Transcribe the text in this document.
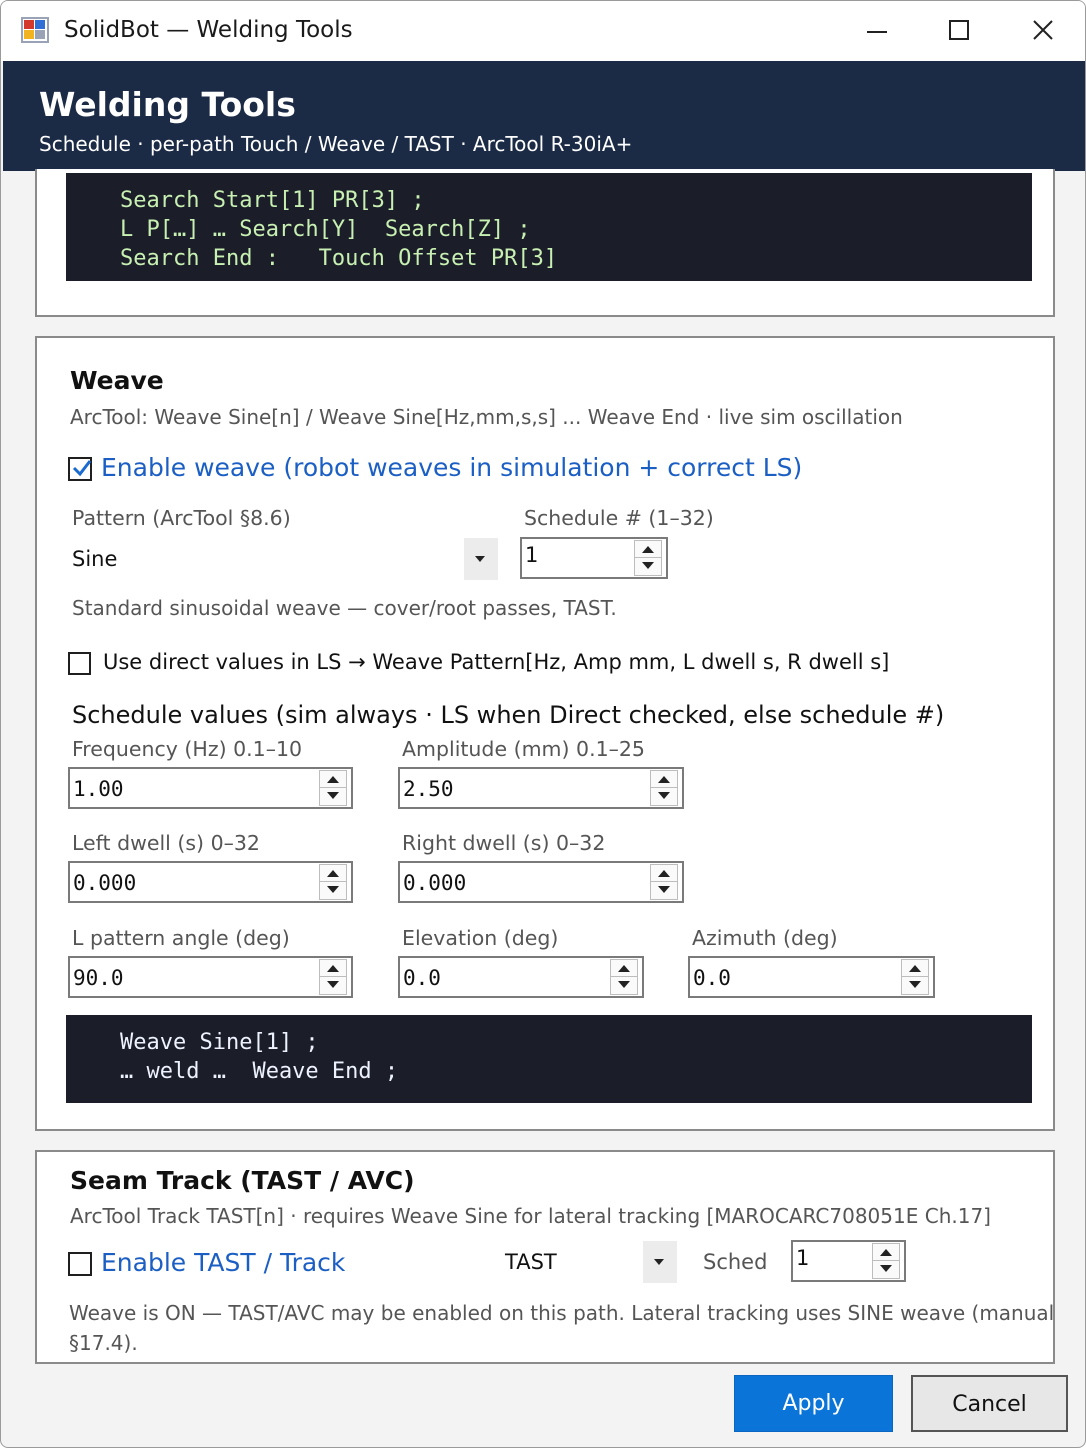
SolidBot — Welding Tools
Welding Tools
Schedule · per-path Touch / Weave / TAST · ArcTool R-30iA+
Search Start[1] PR[3] ;
L P[…] … Search[Y]  Search[Z] ;
Search End :   Touch Offset PR[3]
Weave
ArcTool: Weave Sine[n] / Weave Sine[Hz,mm,s,s] ... Weave End · live sim oscillation
Enable weave (robot weaves in simulation + correct LS)
Pattern (ArcTool §8.6)
Sine
Schedule # (1–32)
1
Standard sinusoidal weave — cover/root passes, TAST.
Use direct values in LS → Weave Pattern[Hz, Amp mm, L dwell s, R dwell s]
Schedule values (sim always · LS when Direct checked, else schedule #)
Frequency (Hz) 0.1–10
1.00
Amplitude (mm) 0.1–25
2.50
Left dwell (s) 0–32
0.000
Right dwell (s) 0–32
0.000
L pattern angle (deg)
90.0
Elevation (deg)
0.0
Azimuth (deg)
0.0
Weave Sine[1] ;
… weld …  Weave End ;
Seam Track (TAST / AVC)
ArcTool Track TAST[n] · requires Weave Sine for lateral tracking [MAROCARC708051E Ch.17]
Enable TAST / Track	TAST	Sched 1
Weave is ON — TAST/AVC may be enabled on this path. Lateral tracking uses SINE weave (manual §17.4).
Apply	Cancel
